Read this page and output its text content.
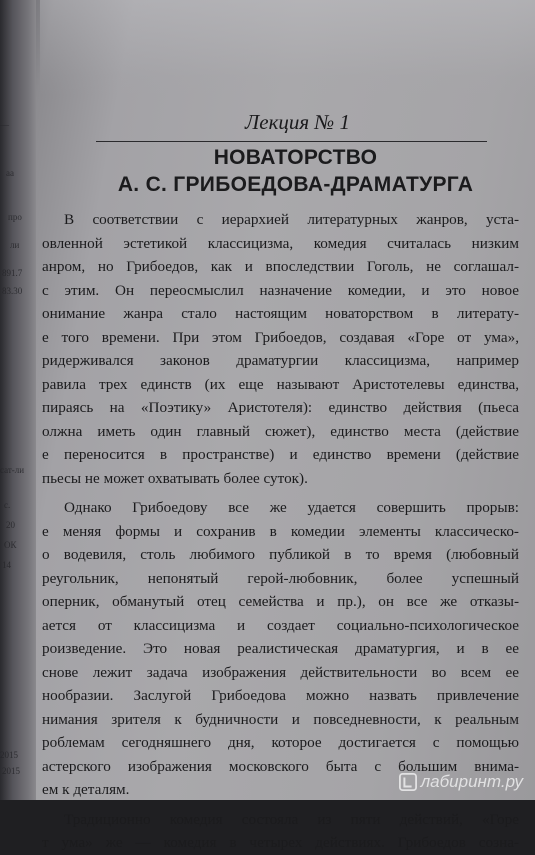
—
аа
про
ли
891.7
83.30
сат-ли
с.
20
ОК
14
2015
2015
Лекция № 1
НОВАТОРСТВО
А. С. ГРИБОЕДОВА-ДРАМАТУРГА
В соответствии с иерархией литературных жанров, уста-
овленной эстетикой классицизма, комедия считалась низким
анром, но Грибоедов, как и впоследствии Гоголь, не соглашал-
с этим. Он переосмыслил назначение комедии, и это новое
онимание жанра стало настоящим новаторством в литерату-
е того времени. При этом Грибоедов, создавая «Горе от ума»,
ридерживался законов драматургии классицизма, например
равила трех единств (их еще называют Аристотелевы единства,
пираясь на «Поэтику» Аристотеля): единство действия (пьеса
олжна иметь один главный сюжет), единство места (действие
е переносится в пространстве) и единство времени (действие
пьесы не может охватывать более суток).
Однако Грибоедову все же удается совершить прорыв:
е меняя формы и сохранив в комедии элементы классическо-
о водевиля, столь любимого публикой в то время (любовный
реугольник, непонятый герой-любовник, более успешный
оперник, обманутый отец семейства и пр.), он все же отказы-
ается от классицизма и создает социально-психологическое
роизведение. Это новая реалистическая драматургия, и в ее
снове лежит задача изображения действительности во всем ее
нообразии. Заслугой Грибоедова можно назвать привлечение
нимания зрителя к будничности и повседневности, к реальным
роблемам сегодняшнего дня, которое достигается с помощью
астерского изображения московского быта с большим внима-
ем к деталям.
Традиционно комедия состояла из пяти действий, «Горе
т ума» же — комедия в четырех действиях. Грибоедов созна-
лабиринт.ру
